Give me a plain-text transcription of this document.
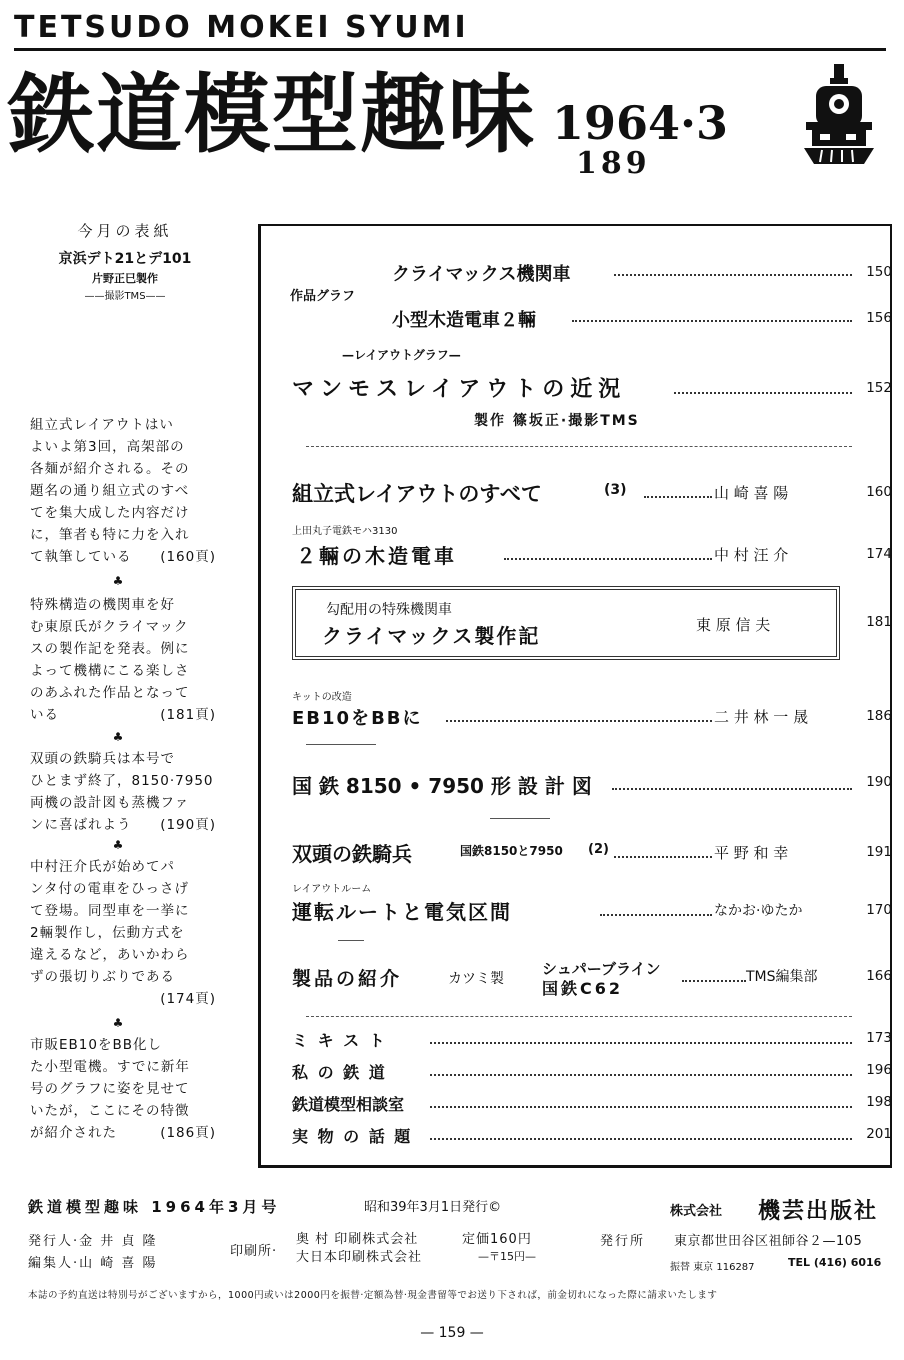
TETSUDO MOKEI SYUMI
鉄道模型趣味 1964·3
189
今月の表紙
京浜デト21とデ101
片野正巳製作
——撮影TMS——
組立式レイアウトはい
よいよ第3回，高架部の
各麺が紹介される。その
題名の通り組立式のすべ
てを集大成した内容だけ
に，筆者も特に力を入れ
て執筆している (160頁)
♣
特殊構造の機関車を好
む東原氏がクライマック
スの製作記を発表。例に
よって機構にこる楽しさ
のあふれた作品となって
いる	(181頁)
♣
双頭の鉄騎兵は本号で
ひとまず終了，8150·7950
両機の設計図も蒸機ファ
ンに喜ばれよう (190頁)
♣
中村汪介氏が始めてパ
ンタ付の電車をひっさげ
て登場。同型車を一挙に
2輛製作し，伝動方式を
違えるなど，あいかわら
ずの張切りぶりである
(174頁)
♣
市販EB10をBB化し
た小型電機。すでに新年
号のグラフに姿を見せて
いたが，ここにその特徴
が紹介された	(186頁)
作品グラフ
クライマックス機関車	150
小型木造電車２輛	156
—レイアウトグラフ—
マンモスレイアウトの近況	152
製作 篠坂正·撮影TMS
組立式レイアウトのすべて	(3)	山 崎 喜 陽	160
上田丸子電鉄モハ3130
２輛の木造電車	中 村 汪 介	174
勾配用の特殊機関車
クライマックス製作記	東 原 信 夫	181
キットの改造
EB10をBBに	二 井 林 一 晟	186
国 鉄 8150 • 7950 形 設 計 図	190
双頭の鉄騎兵	国鉄8150と7950 (2)	平 野 和 幸	191
レイアウトルーム
運転ルートと電気区間	なかお·ゆたか	170
製品の紹介	カツミ製
シュパーブライン
国鉄C62
TMS編集部	166
ミ キ ス ト	173
私 の 鉄 道	196
鉄道模型相談室	198
実 物 の 話 題	201
鉄道模型趣味 1964年3月号	昭和39年3月1日発行©	株式会社 機芸出版社
発行人·金 井 貞 隆
編集人·山 崎 喜 陽
印刷所·
奥 村 印刷株式会社
大日本印刷株式会社
定価160円
—〒15円—
発行所 東京都世田谷区祖師谷２—105
振替 東京 116287	TEL (416) 6016
本誌の予約直送は特別号がございますから，1000円或いは2000円を振替·定額為替·現金書留等でお送り下されば，前金切れになった際に請求いたします
— 159 —
